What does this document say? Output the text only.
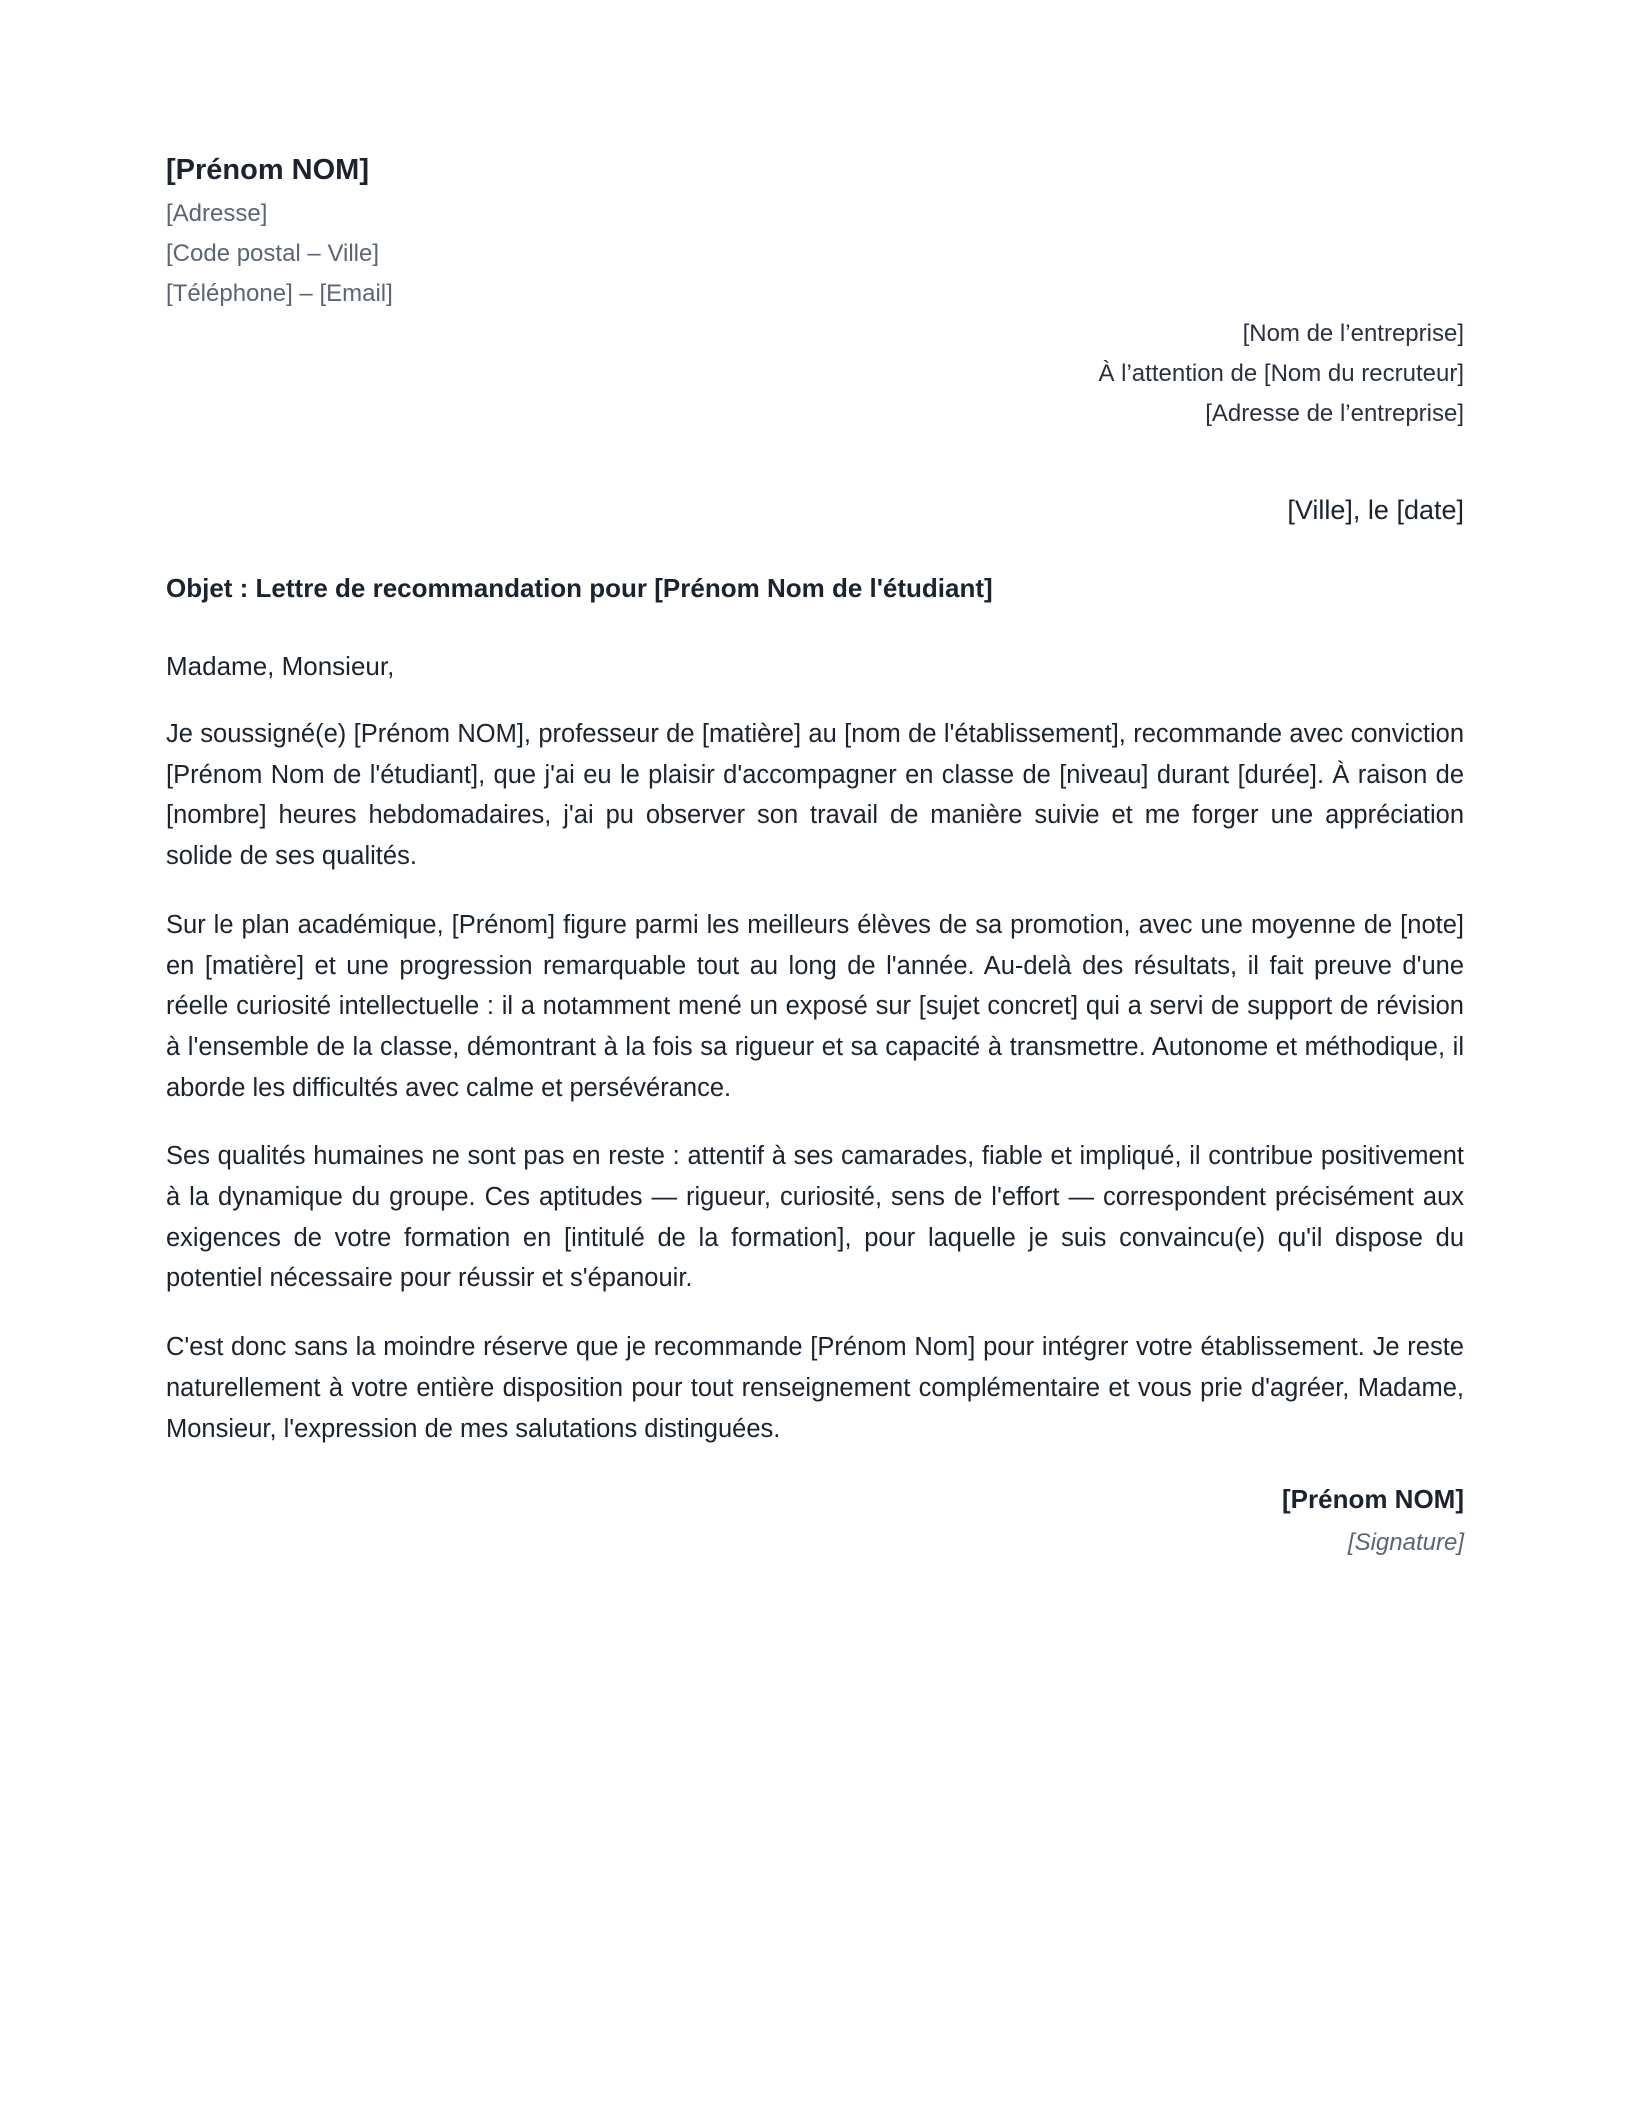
[Prénom NOM]

[Adresse]

[Code postal – Ville]

[Téléphone] – [Email]

[Nom de l’entreprise]

À l’attention de [Nom du recruteur]

[Adresse de l’entreprise]

[Ville], le [date]

Objet : Lettre de recommandation pour [Prénom Nom de l'étudiant]

Madame, Monsieur,

Je soussigné(e) [Prénom NOM], professeur de [matière] au [nom de l'établissement], recommande avec conviction [Prénom Nom de l'étudiant], que j'ai eu le plaisir d'accompagner en classe de [niveau] durant [durée]. À raison de [nombre] heures hebdomadaires, j'ai pu observer son travail de manière suivie et me forger une appréciation solide de ses qualités.

Sur le plan académique, [Prénom] figure parmi les meilleurs élèves de sa promotion, avec une moyenne de [note] en [matière] et une progression remarquable tout au long de l'année. Au-delà des résultats, il fait preuve d'une réelle curiosité intellectuelle : il a notamment mené un exposé sur [sujet concret] qui a servi de support de révision à l'ensemble de la classe, démontrant à la fois sa rigueur et sa capacité à transmettre. Autonome et méthodique, il aborde les difficultés avec calme et persévérance.

Ses qualités humaines ne sont pas en reste : attentif à ses camarades, fiable et impliqué, il contribue positivement à la dynamique du groupe. Ces aptitudes — rigueur, curiosité, sens de l'effort — correspondent précisément aux exigences de votre formation en [intitulé de la formation], pour laquelle je suis convaincu(e) qu'il dispose du potentiel nécessaire pour réussir et s'épanouir.

C'est donc sans la moindre réserve que je recommande [Prénom Nom] pour intégrer votre établissement. Je reste naturellement à votre entière disposition pour tout renseignement complémentaire et vous prie d'agréer, Madame, Monsieur, l'expression de mes salutations distinguées.

[Prénom NOM]

[Signature]
